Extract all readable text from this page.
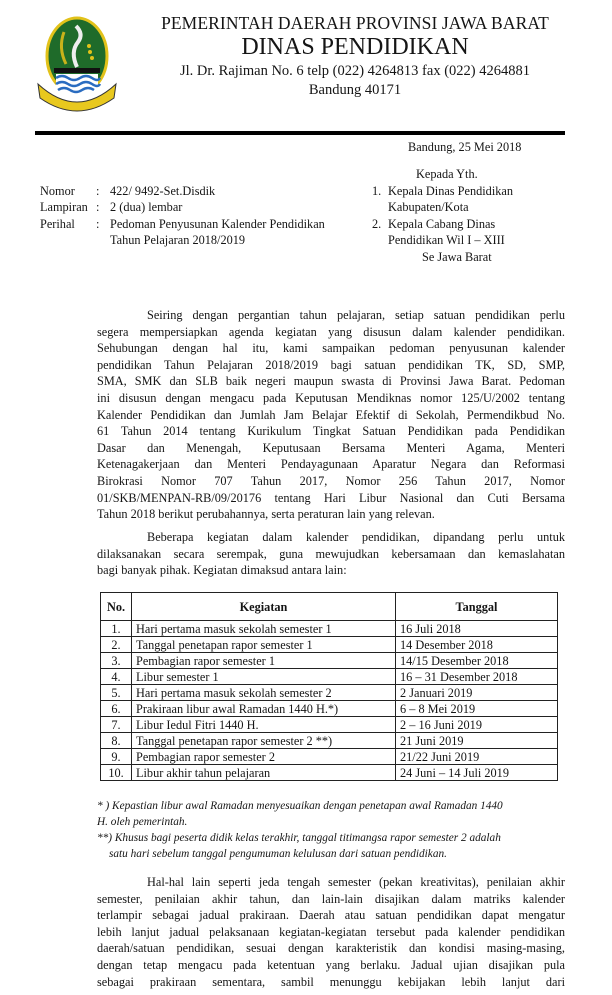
PEMERINTAH DAERAH PROVINSI JAWA BARAT
DINAS PENDIDIKAN
Jl. Dr. Rajiman No. 6 telp (022) 4264813 fax (022) 4264881
Bandung 40171
Bandung, 25 Mei 2018
Nomor	:	422/ 9492-Set.Disdik
Lampiran	:	2 (dua) lembar
Perihal	:	Pedoman Penyusunan Kalender Pendidikan
Tahun Pelajaran 2018/2019
Kepada Yth.
1. Kepala Dinas Pendidikan
Kabupaten/Kota
2. Kepala Cabang Dinas
Pendidikan Wil I – XIII
Se Jawa Barat
Seiring dengan pergantian tahun pelajaran, setiap satuan pendidikan perlu
segera mempersiapkan agenda kegiatan yang disusun dalam kalender pendidikan.
Sehubungan dengan hal itu, kami sampaikan pedoman penyusunan kalender
pendidikan Tahun Pelajaran 2018/2019 bagi satuan pendidikan TK, SD, SMP,
SMA, SMK dan SLB baik negeri maupun swasta di Provinsi Jawa Barat. Pedoman
ini disusun dengan mengacu pada Keputusan Mendiknas nomor 125/U/2002 tentang
Kalender Pendidikan dan Jumlah Jam Belajar Efektif di Sekolah, Permendikbud No.
61 Tahun 2014 tentang Kurikulum Tingkat Satuan Pendidikan pada Pendidikan
Dasar dan Menengah, Keputusaan Bersama Menteri Agama, Menteri
Ketenagakerjaan dan Menteri Pendayagunaan Aparatur Negara dan Reformasi
Birokrasi Nomor 707 Tahun 2017, Nomor 256 Tahun 2017, Nomor
01/SKB/MENPAN-RB/09/20176 tentang Hari Libur Nasional dan Cuti Bersama
Tahun 2018 berikut perubahannya, serta peraturan lain yang relevan.
Beberapa kegiatan dalam kalender pendidikan, dipandang perlu untuk
dilaksanakan secara serempak, guna mewujudkan kebersamaan dan kemaslahatan
bagi banyak pihak. Kegiatan dimaksud antara lain:
No.	Kegiatan	Tanggal
1.	Hari pertama masuk sekolah semester 1	16 Juli 2018
2.	Tanggal penetapan rapor semester 1	14 Desember 2018
3.	Pembagian rapor semester 1	14/15 Desember 2018
4.	Libur semester 1	16 – 31 Desember 2018
5.	Hari pertama masuk sekolah semester 2	2 Januari 2019
6.	Prakiraan libur awal Ramadan 1440 H.*)	6 – 8 Mei 2019
7.	Libur Iedul Fitri 1440 H.	2 – 16 Juni 2019
8.	Tanggal penetapan rapor semester 2 **)	21 Juni 2019
9.	Pembagian rapor semester 2	21/22 Juni 2019
10.	Libur akhir tahun pelajaran	24 Juni – 14 Juli 2019
* ) Kepastian libur awal Ramadan menyesuaikan dengan penetapan awal Ramadan 1440
H. oleh pemerintah.
**) Khusus bagi peserta didik kelas terakhir, tanggal titimangsa rapor semester 2 adalah
satu hari sebelum tanggal pengumuman kelulusan dari satuan pendidikan.
Hal-hal lain seperti jeda tengah semester (pekan kreativitas), penilaian akhir
semester, penilaian akhir tahun, dan lain-lain disajikan dalam matriks kalender
terlampir sebagai jadual prakiraan. Daerah atau satuan pendidikan dapat mengatur
lebih lanjut jadual pelaksanaan kegiatan-kegiatan tersebut pada kalender pendidikan
daerah/satuan pendidikan, sesuai dengan karakteristik dan kondisi masing-masing,
dengan tetap mengacu pada ketentuan yang berlaku. Jadual ujian disajikan pula
sebagai prakiraan sementara, sambil menunggu kebijakan lebih lanjut dari
